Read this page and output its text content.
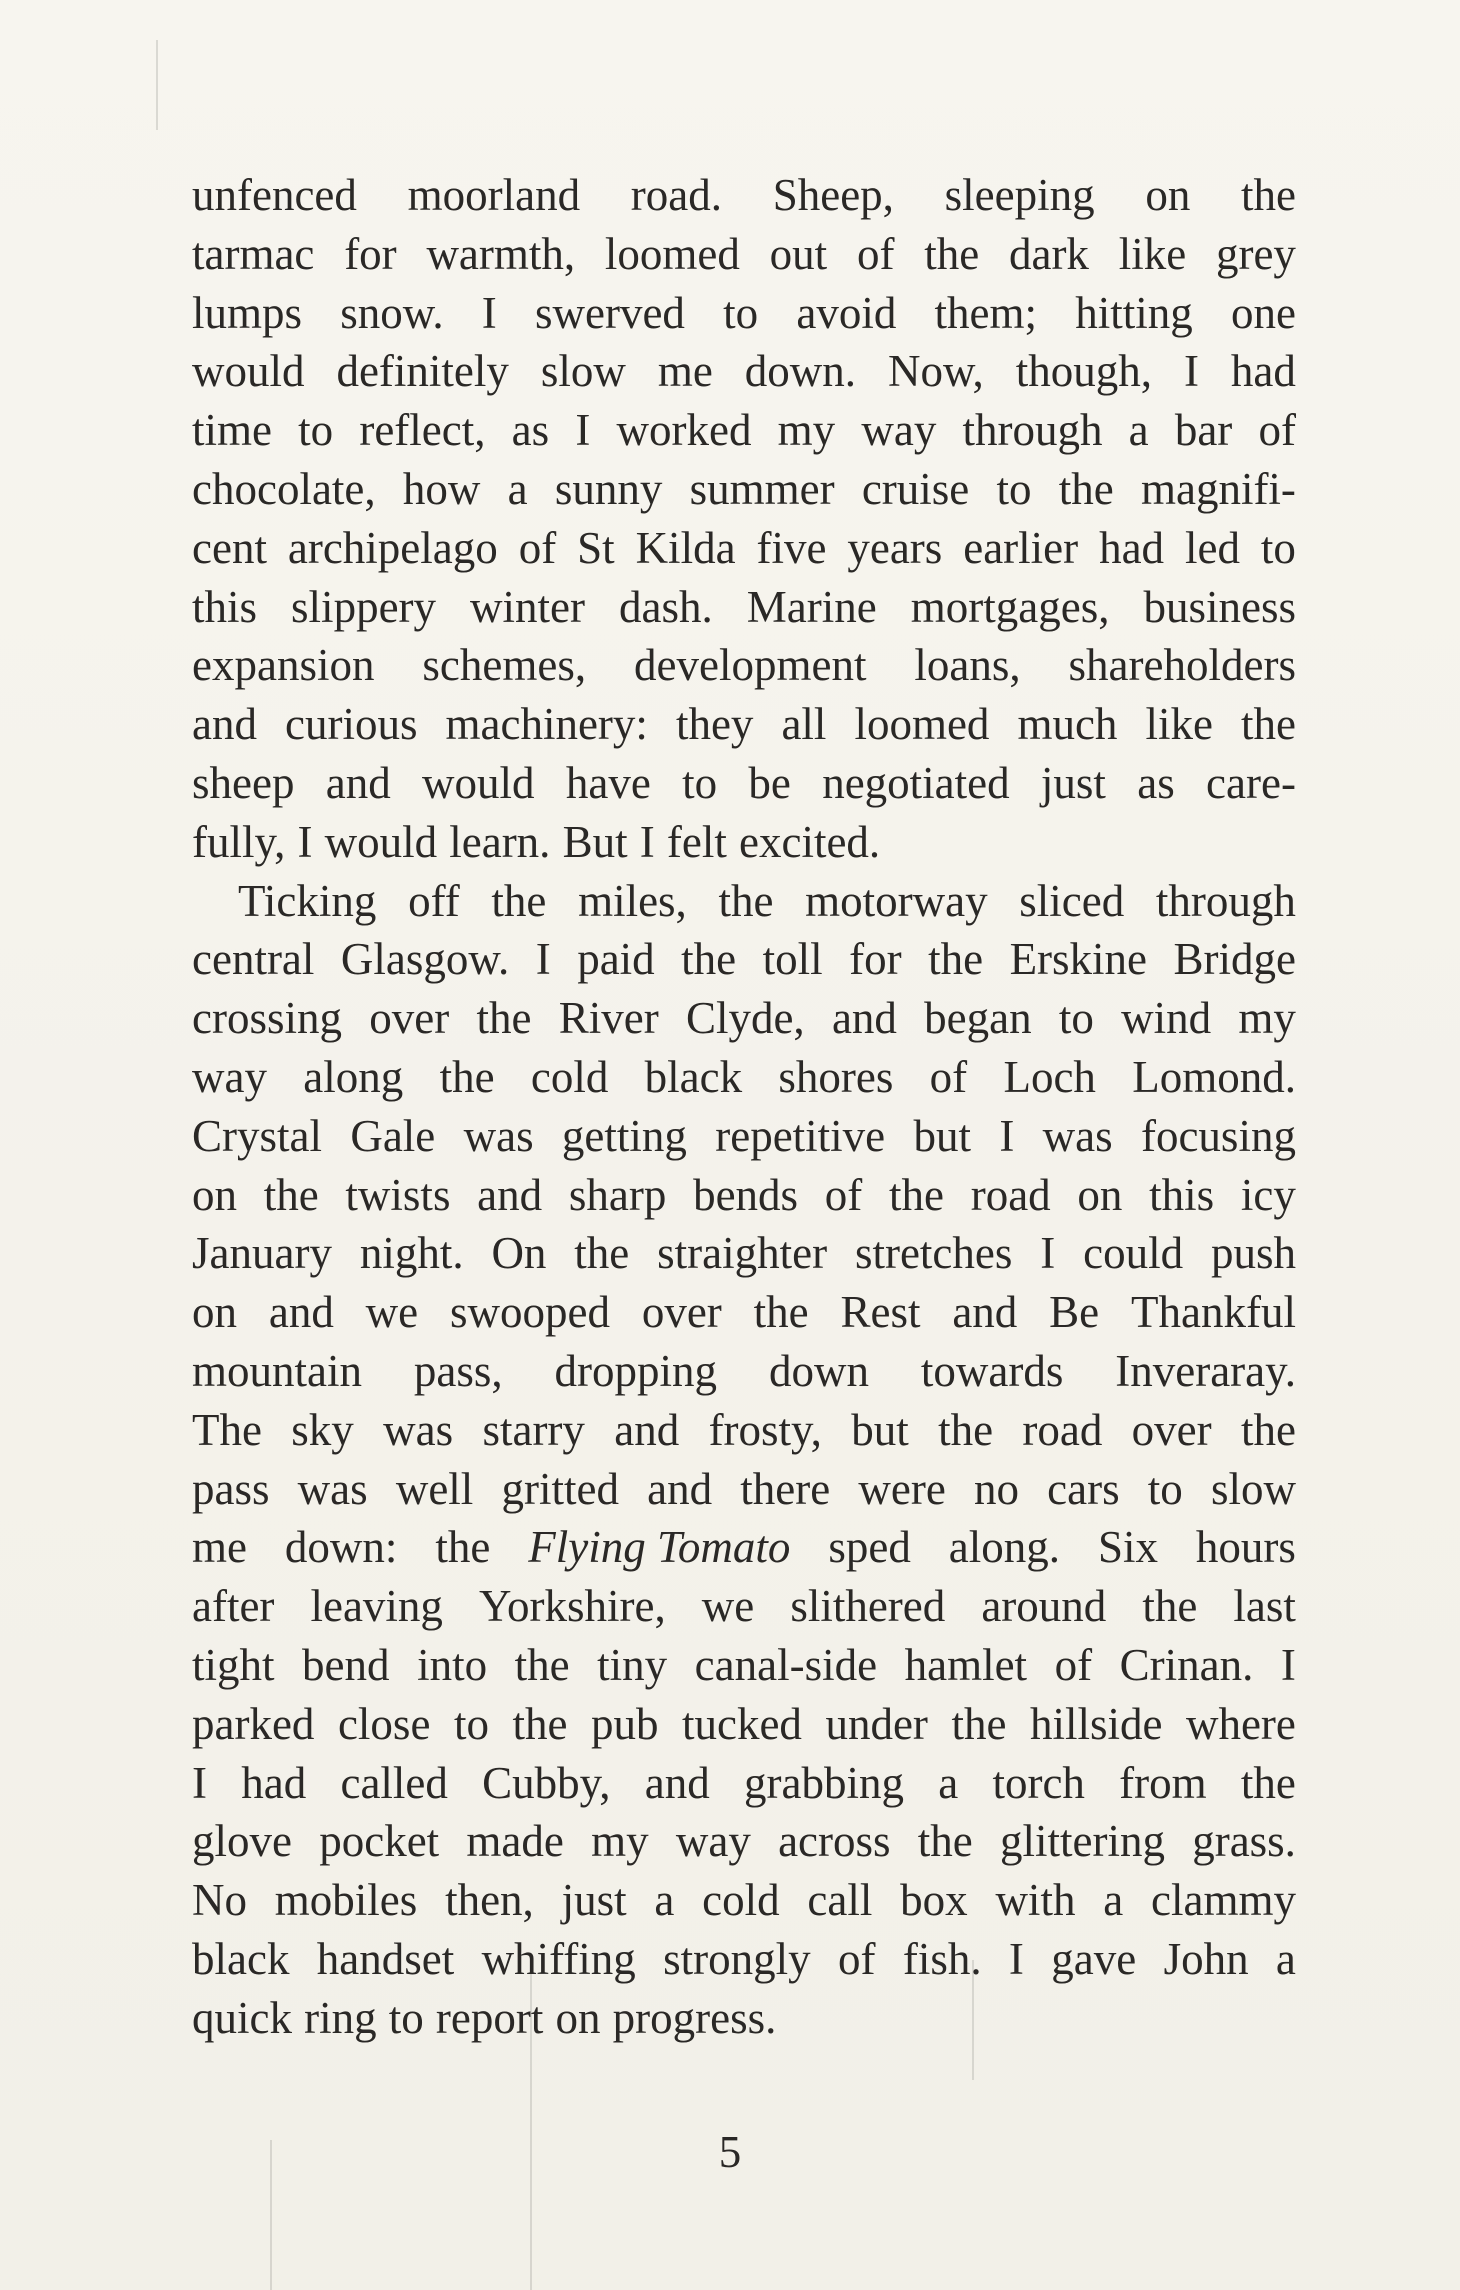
unfenced moorland road. Sheep, sleeping on the
tarmac for warmth, loomed out of the dark like grey
lumps snow. I swerved to avoid them; hitting one
would definitely slow me down. Now, though, I had
time to reflect, as I worked my way through a bar of
chocolate, how a sunny summer cruise to the magnifi-
cent archipelago of St Kilda five years earlier had led to
this slippery winter dash. Marine mortgages, business
expansion schemes, development loans, shareholders
and curious machinery: they all loomed much like the
sheep and would have to be negotiated just as care-
fully, I would learn. But I felt excited.
Ticking off the miles, the motorway sliced through
central Glasgow. I paid the toll for the Erskine Bridge
crossing over the River Clyde, and began to wind my
way along the cold black shores of Loch Lomond.
Crystal Gale was getting repetitive but I was focusing
on the twists and sharp bends of the road on this icy
January night. On the straighter stretches I could push
on and we swooped over the Rest and Be Thankful
mountain pass, dropping down towards Inveraray.
The sky was starry and frosty, but the road over the
pass was well gritted and there were no cars to slow
me down: the Flying Tomato sped along. Six hours
after leaving Yorkshire, we slithered around the last
tight bend into the tiny canal-side hamlet of Crinan. I
parked close to the pub tucked under the hillside where
I had called Cubby, and grabbing a torch from the
glove pocket made my way across the glittering grass.
No mobiles then, just a cold call box with a clammy
black handset whiffing strongly of fish. I gave John a
quick ring to report on progress.
5
